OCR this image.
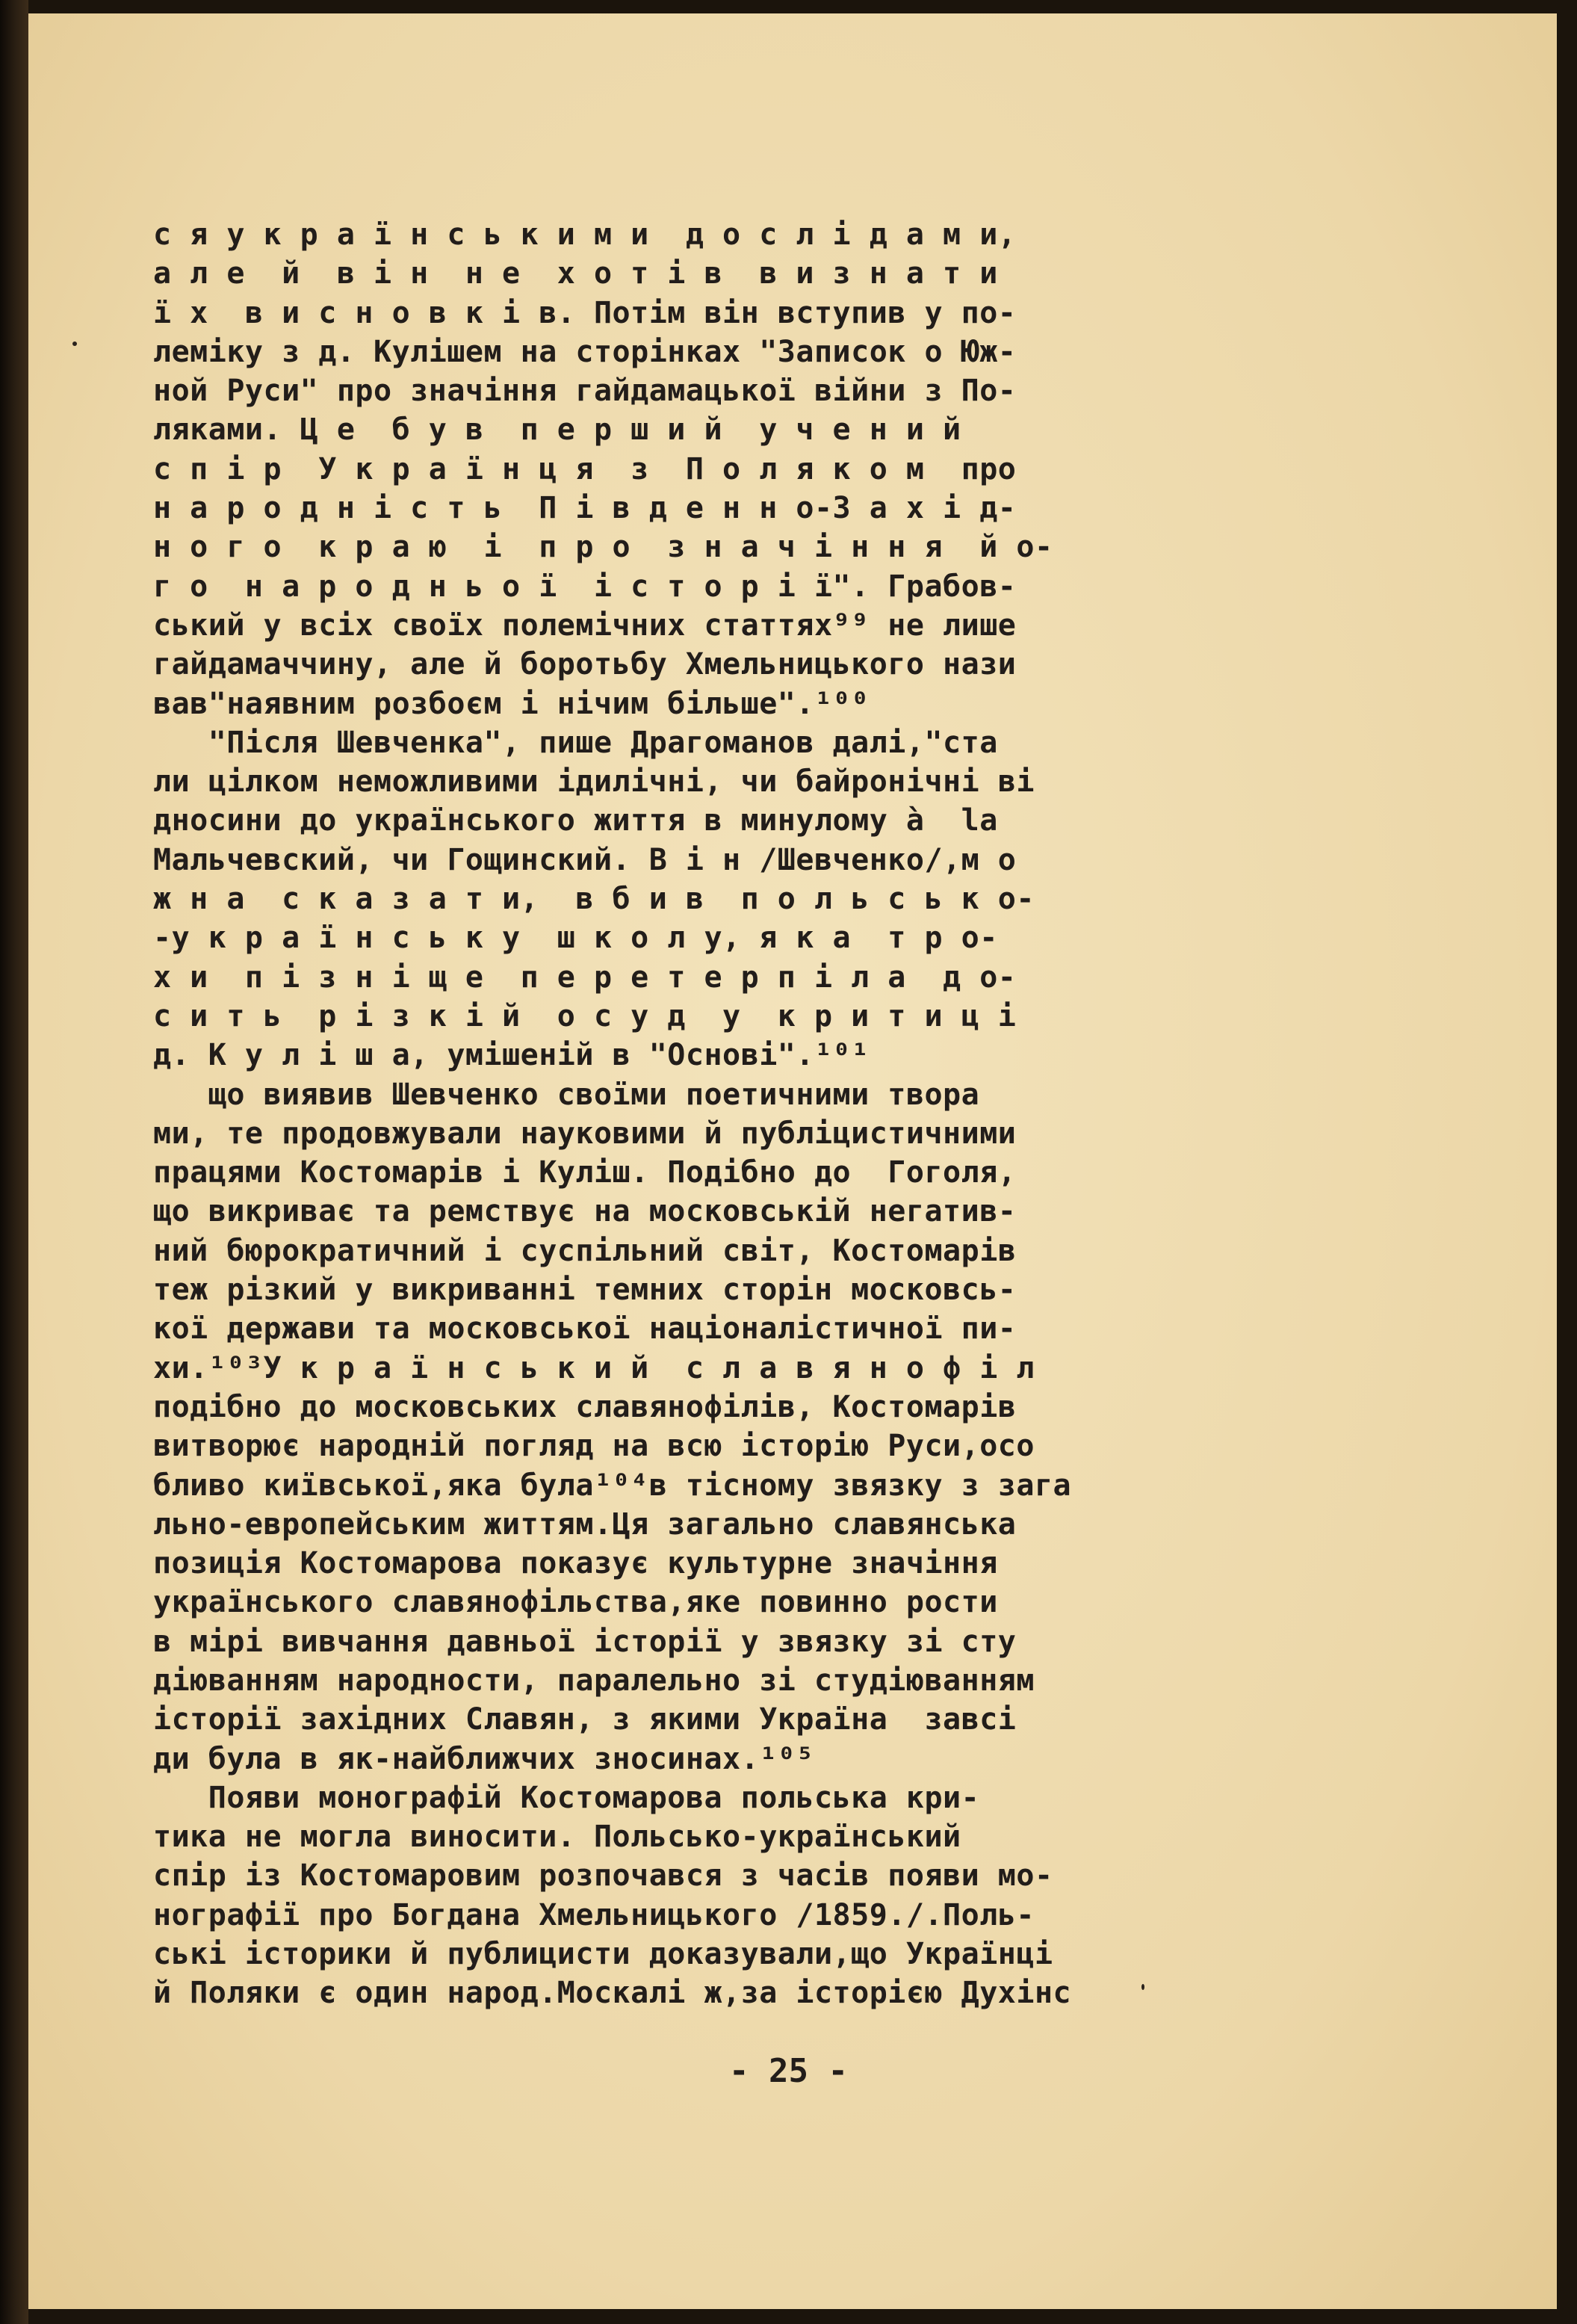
с я у к р а ї н с ь к и м и  д о с л і д а м и,
а л е  й  в і н  н е  х о т і в  в и з н а т и
ї х  в и с н о в к і в. Потім він вступив у по-
леміку з д. Кулішем на сторінках "Записок о Юж-
ной Руси" про значіння гайдамацької війни з По-
ляками. Ц е  б у в  п е р ш и й  у ч е н и й
с п і р  У к р а ї н ц я  з  П о л я к о м  про
н а р о д н і с т ь  П і в д е н н о-З а х і д-
н о г о  к р а ю  і  п р о  з н а ч і н н я  й о-
г о  н а р о д н ь о ї  і с т о р і ї". Грабов-
ський у всіх своїх полемічних статтях⁹⁹ не лише
гайдамаччину, але й боротьбу Хмельницького нази
вав"наявним розбоєм і нічим більше".¹⁰⁰
"Після Шевченка", пише Драгоманов далі,"ста
ли цілком неможливими ідилічні, чи байронічні ві
дносини до українського життя в минулому à  la
Мальчевский, чи Гощинский. В і н /Шевченко/,м о
ж н а  с к а з а т и,  в б и в  п о л ь с ь к о-
-у к р а ї н с ь к у  ш к о л у, я к а  т р о-
х и  п і з н і щ е  п е р е т е р п і л а  д о-
с и т ь  р і з к і й  о с у д  у  к р и т и ц і
д. К у л і ш а, умішеній в "Основі".¹⁰¹
що виявив Шевченко своїми поетичними твора
ми, те продовжували науковими й публіцистичними
працями Костомарів і Куліш. Подібно до  Гоголя,
що викриває та ремствує на московській негатив-
ний бюрократичний і суспільний світ, Костомарів
теж різкий у викриванні темних сторін московсь-
кої держави та московської націоналістичної пи-
хи.¹⁰³У к р а ї н с ь к и й  с л а в я н о ф і л
подібно до московських славянофілів, Костомарів
витворює народній погляд на всю історію Руси,осо
бливо київської,яка була¹⁰⁴в тісному звязку з зага
льно-европейським життям.Ця загально славянська
позиція Костомарова показує культурне значіння
українського славянофільства,яке повинно рости
в мірі вивчання давньої історії у звязку зі сту
діюванням народности, паралельно зі студіюванням
історії західних Славян, з якими Україна  завсі
ди була в як-найближчих зносинах.¹⁰⁵
Появи монографій Костомарова польська кри-
тика не могла виносити. Польсько-український
спір із Костомаровим розпочався з часів появи мо-
нографії про Богдана Хмельницького /1859./.Поль-
ські історики й публицисти доказували,що Українці
й Поляки є один народ.Москалі ж,за історією Духінс
- 25 -
